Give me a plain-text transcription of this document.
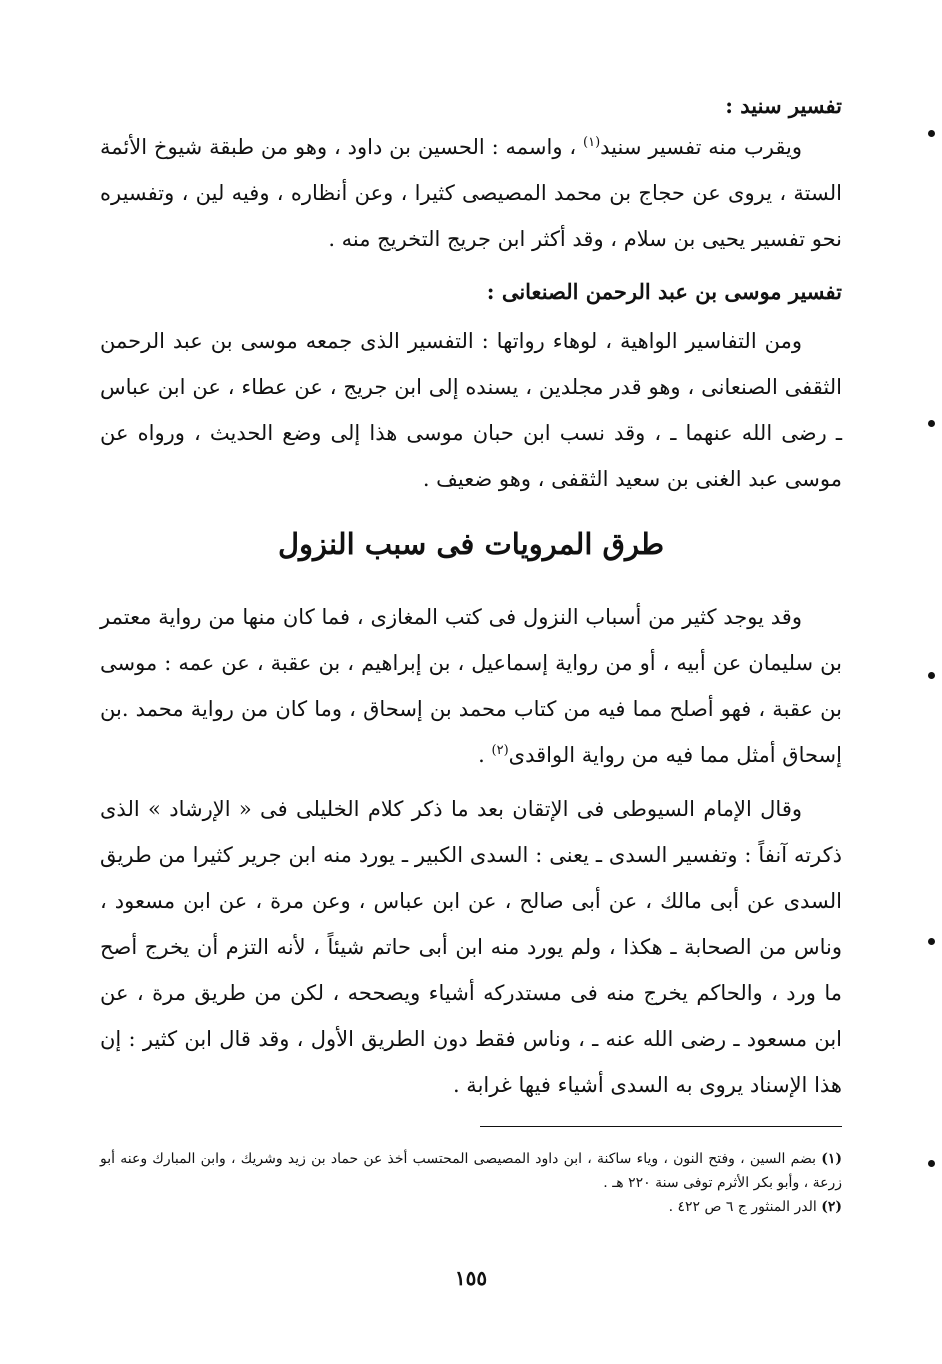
تفسير سنيد :

ويقرب منه تفسير سنيد$^{(١)}$ ، واسمه : الحسين بن داود ، وهو من طبقة شيوخ الأئمة الستة ، يروى عن حجاج بن محمد المصيصى كثيرا ، وعن أنظاره ، وفيه لين ، وتفسيره نحو تفسير يحيى بن سلام ، وقد أكثر ابن جريج التخريج منه .

تفسير موسى بن عبد الرحمن الصنعانى :

ومن التفاسير الواهية ، لوهاء رواتها : التفسير الذى جمعه موسى بن عبد الرحمن الثقفى الصنعانى ، وهو قدر مجلدين ، يسنده إلى ابن جريج ، عن عطاء ، عن ابن عباس ـ رضى الله عنهما ـ ، وقد نسب ابن حبان موسى هذا إلى وضع الحديث ، ورواه عن موسى عبد الغنى بن سعيد الثقفى ، وهو ضعيف .

طرق المرويات فى سبب النزول

وقد يوجد كثير من أسباب النزول فى كتب المغازى ، فما كان منها من رواية معتمر بن سليمان عن أبيه ، أو من رواية إسماعيل ، بن إبراهيم ، بن عقبة ، عن عمه : موسى بن عقبة ، فهو أصلح مما فيه من كتاب محمد بن إسحاق ، وما كان من رواية محمد .بن إسحاق أمثل مما فيه من رواية الواقدى$^{(٢)}$ .

وقال الإمام السيوطى فى الإتقان بعد ما ذكر كلام الخليلى فى « الإرشاد » الذى ذكرته آنفاً : وتفسير السدى ـ يعنى : السدى الكبير ـ يورد منه ابن جرير كثيرا من طريق السدى عن أبى مالك ، عن أبى صالح ، عن ابن عباس ، وعن مرة ، عن ابن مسعود ، وناس من الصحابة ـ هكذا ، ولم يورد منه ابن أبى حاتم شيئاً ، لأنه التزم أن يخرج أصح ما ورد ، والحاكم يخرج منه فى مستدركه أشياء ويصححه ، لكن من طريق مرة ، عن ابن مسعود ـ رضى الله عنه ـ ، وناس فقط دون الطريق الأول ، وقد قال ابن كثير : إن هذا الإسناد يروى به السدى أشياء فيها غرابة .

(١) بضم السين ، وفتح النون ، وياء ساكنة ، ابن داود المصيصى المحتسب أخذ عن حماد بن زيد وشريك ، وابن المبارك وعنه أبو زرعة ، وأبو بكر الأثرم توفى سنة ٢٢٠ هـ .

(٢) الدر المنثور ج ٦ ص ٤٢٢ .

١٥٥
